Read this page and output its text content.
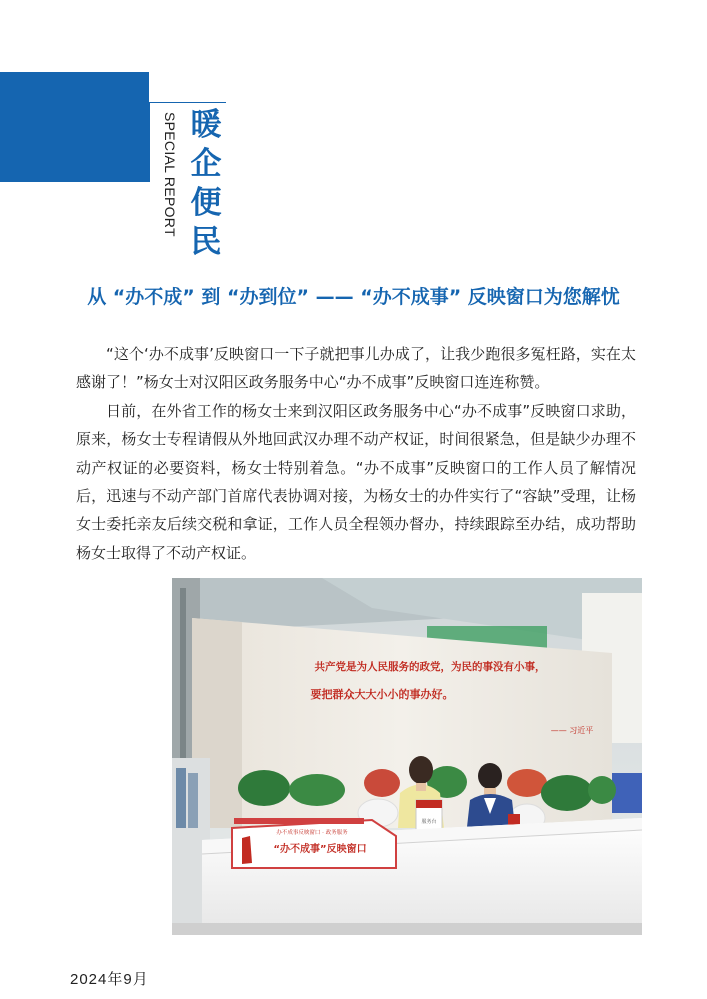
SPECIAL REPORT 暖
企
便
民
从 “办不成” 到 “办到位” —— “办不成事” 反映窗口为您解忧

“这个‘办不成事’反映窗口一下子就把事儿办成了，让我少跑很多冤枉路，实在太感谢了！”杨女士对汉阳区政务服务中心“办不成事”反映窗口连连称赞。

日前，在外省工作的杨女士来到汉阳区政务服务中心“办不成事”反映窗口求助，原来，杨女士专程请假从外地回武汉办理不动产权证，时间很紧急，但是缺少办理不动产权证的必要资料，杨女士特别着急。“办不成事”反映窗口的工作人员了解情况后，迅速与不动产部门首席代表协调对接，为杨女士的办件实行了“容缺”受理，让杨女士委托亲友后续交税和拿证，工作人员全程领办督办，持续跟踪至办结，成功帮助杨女士取得了不动产权证。

共产党是为人民服务的政党，为民的事没有小事，
要把群众大大小小的事办好。
—— 习近平
服务台
办不成事反映窗口 · 政务服务
“办不成事”反映窗口
2024年9月
